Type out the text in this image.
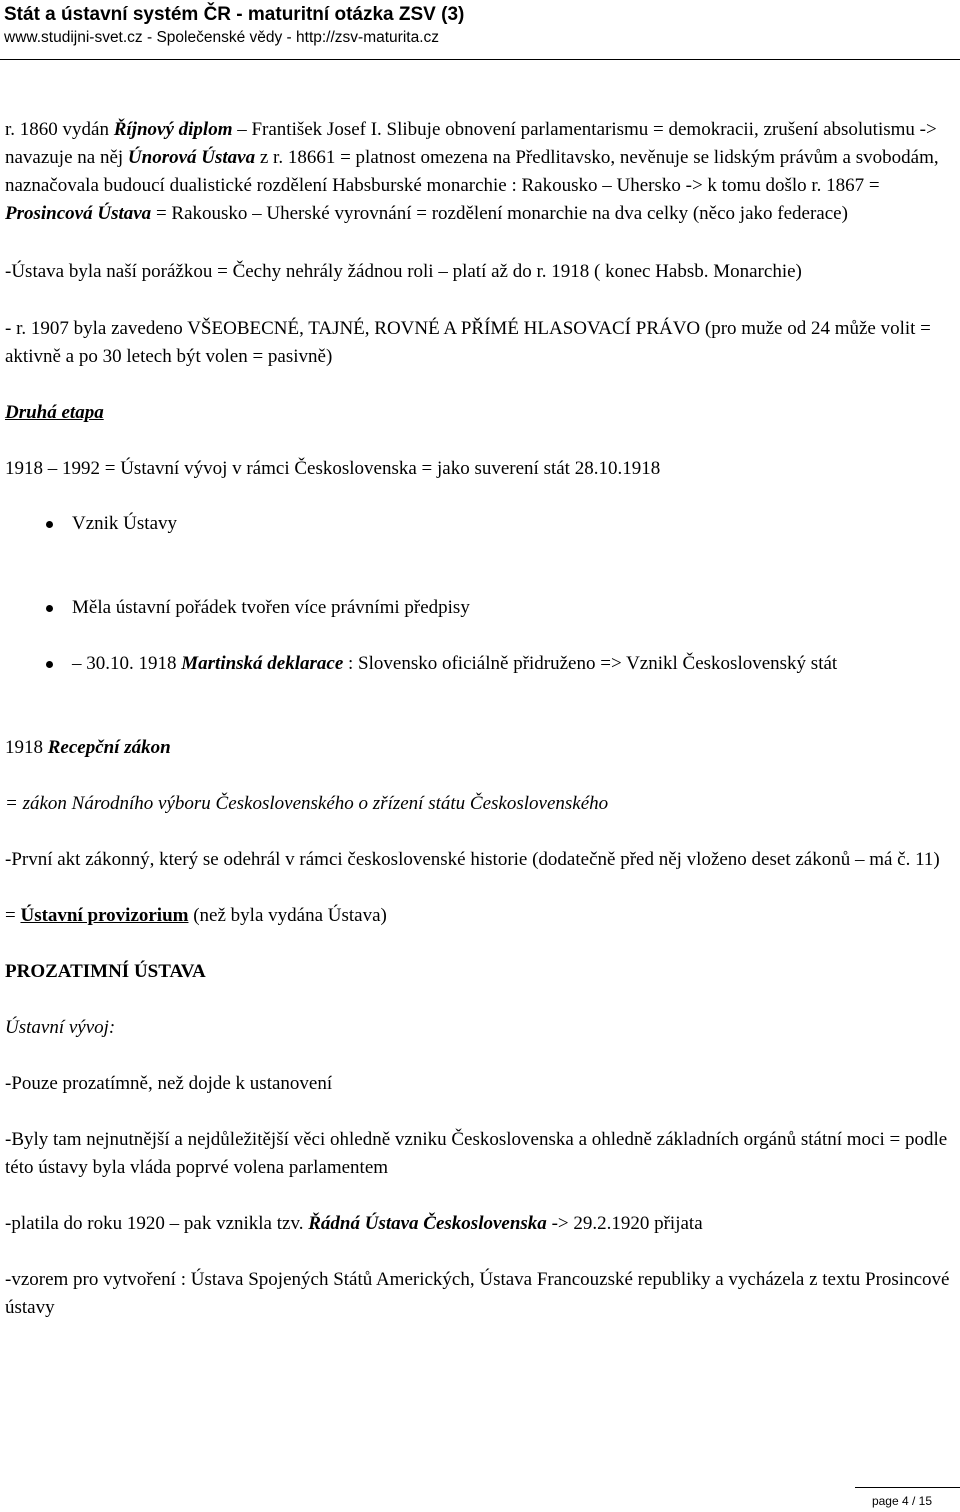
Stát a ústavní systém ČR - maturitní otázka ZSV (3)
www.studijni-svet.cz - Společenské vědy - http://zsv-maturita.cz

r. 1860 vydán Říjnový diplom – František Josef I. Slibuje obnovení parlamentarismu = demokracii, zrušení absolutismu -> navazuje na něj Únorová Ústava z r. 18661 = platnost omezena na Předlitavsko, nevěnuje se lidským právům a svobodám, naznačovala budoucí dualistické rozdělení Habsburské monarchie : Rakousko – Uhersko -> k tomu došlo r. 1867 = Prosincová Ústava = Rakousko – Uherské vyrovnání = rozdělení monarchie na dva celky (něco jako federace)

-Ústava byla naší porážkou = Čechy nehrály žádnou roli – platí až do r. 1918 ( konec Habsb. Monarchie)

- r. 1907 byla zavedeno VŠEOBECNÉ, TAJNÉ, ROVNÉ A PŘÍMÉ HLASOVACÍ PRÁVO (pro muže od 24 může volit = aktivně a po 30 letech být volen = pasivně)

Druhá etapa

1918 – 1992 = Ústavní vývoj v rámci Československa = jako suverení stát 28.10.1918

Vznik Ústavy
Měla ústavní pořádek tvořen více právními předpisy
– 30.10. 1918 Martinská deklarace : Slovensko oficiálně přidruženo => Vznikl Československý stát

1918 Recepční zákon

= zákon Národního výboru Československého o zřízení státu Československého

-První akt zákonný, který se odehrál v rámci československé historie (dodatečně před něj vloženo deset zákonů – má č. 11)

= Ústavní provizorium (než byla vydána Ústava)

PROZATIMNÍ ÚSTAVA

Ústavní vývoj:

-Pouze prozatímně, než dojde k ustanovení

-Byly tam nejnutnější a nejdůležitější věci ohledně vzniku Československa a ohledně základních orgánů státní moci = podle této ústavy byla vláda poprvé volena parlamentem

-platila do roku 1920 – pak vznikla tzv. Řádná Ústava Československa -> 29.2.1920 přijata

-vzorem pro vytvoření : Ústava Spojených Států Amerických, Ústava Francouzské republiky a vycházela z textu Prosincové ústavy

page 4 / 15
